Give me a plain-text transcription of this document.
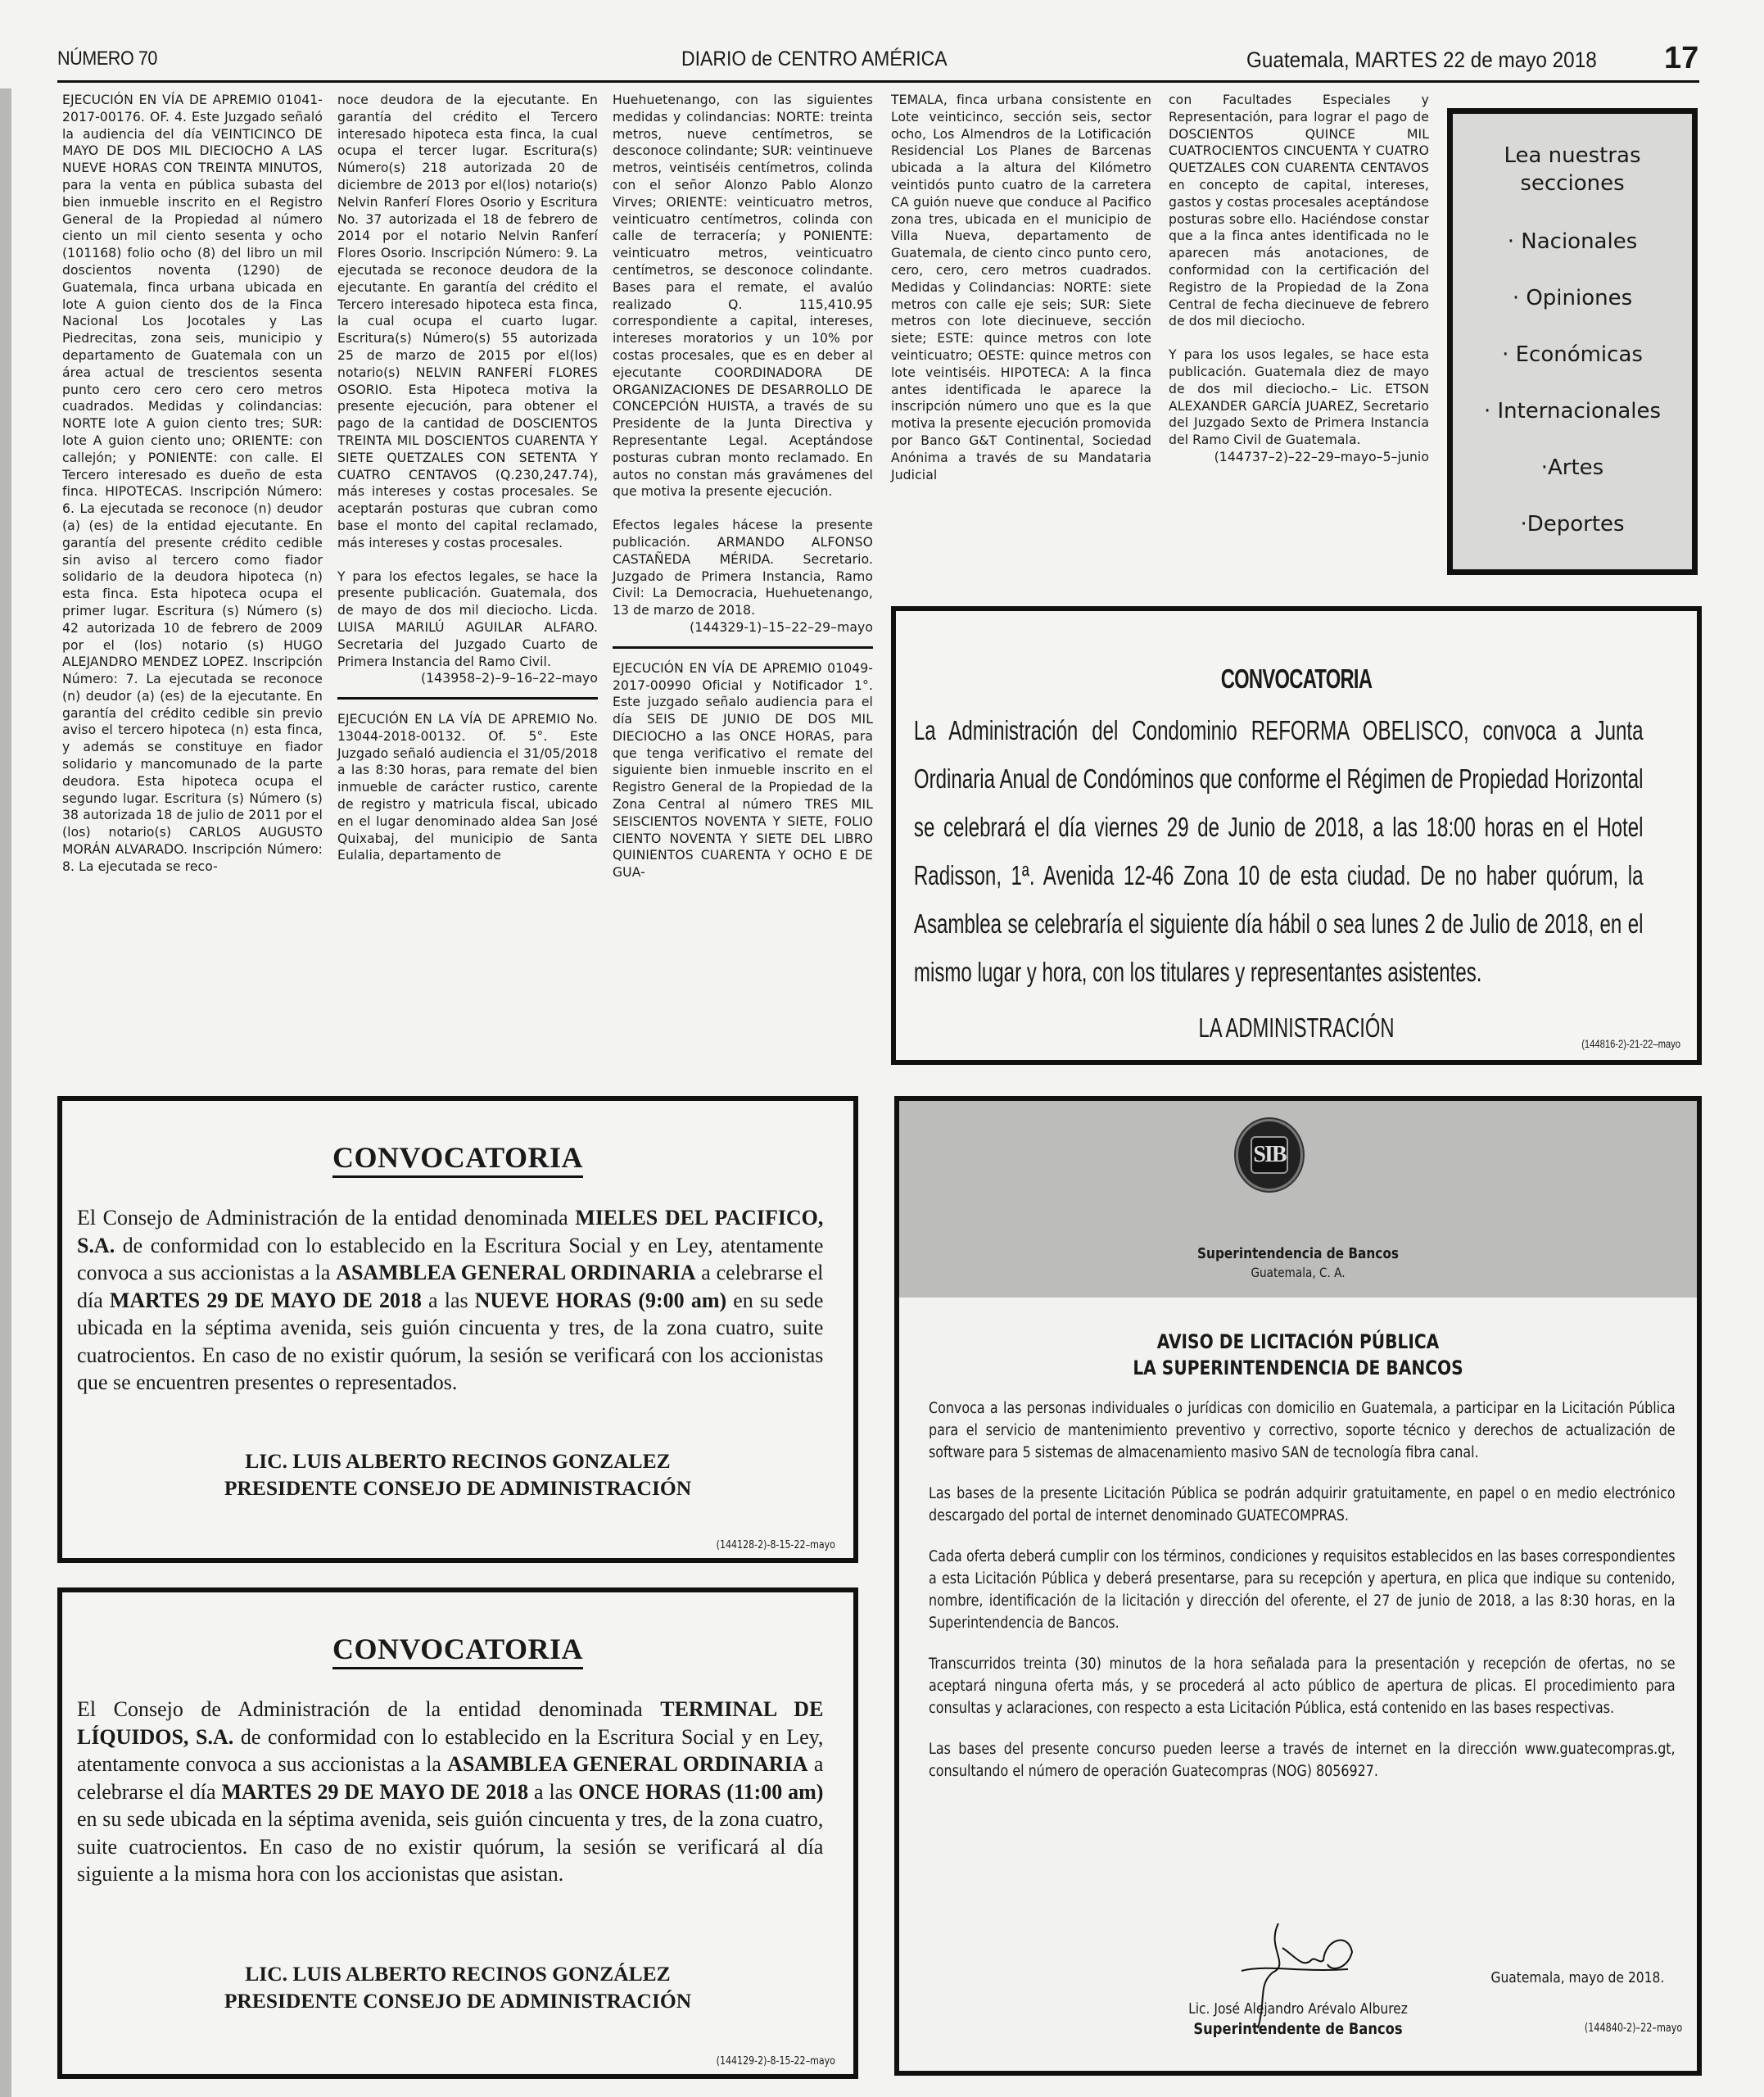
NÚMERO 70	DIARIO de CENTRO AMÉRICA	Guatemala, MARTES 22 de mayo 2018 17

EJECUCIÓN EN VÍA DE APREMIO 01041-2017-00176. OF. 4. Este Juzgado señaló la audiencia del día VEINTICINCO DE MAYO DE DOS MIL DIECIOCHO A LAS NUEVE HORAS CON TREINTA MINUTOS, para la venta en pública subasta del bien inmueble inscrito en el Registro General de la Propiedad al número ciento un mil ciento sesenta y ocho (101168) folio ocho (8) del libro un mil doscientos noventa (1290) de Guatemala, finca urbana ubicada en lote A guion ciento dos de la Finca Nacional Los Jocotales y Las Piedrecitas, zona seis, municipio y departamento de Guatemala con un área actual de trescientos sesenta punto cero cero cero cero metros cuadrados. Medidas y colindancias: NORTE lote A guion ciento tres; SUR: lote A guion ciento uno; ORIENTE: con callejón; y PONIENTE: con calle. El Tercero interesado es dueño de esta finca. HIPOTECAS. Inscripción Número: 6. La ejecutada se reconoce (n) deudor (a) (es) de la entidad ejecutante. En garantía del presente crédito cedible sin aviso al tercero como fiador solidario de la deudora hipoteca (n) esta finca. Esta hipoteca ocupa el primer lugar. Escritura (s) Número (s) 42 autorizada 10 de febrero de 2009 por el (los) notario (s) HUGO ALEJANDRO MENDEZ LOPEZ. Inscripción Número: 7. La ejecutada se reconoce (n) deudor (a) (es) de la ejecutante. En garantía del crédito cedible sin previo aviso el tercero hipoteca (n) esta finca, y además se constituye en fiador solidario y mancomunado de la parte deudora. Esta hipoteca ocupa el segundo lugar. Escritura (s) Número (s) 38 autorizada 18 de julio de 2011 por el (los) notario(s) CARLOS AUGUSTO MORÁN ALVARADO. Inscripción Número: 8. La ejecutada se reco-

noce deudora de la ejecutante. En garantía del crédito el Tercero interesado hipoteca esta finca, la cual ocupa el tercer lugar. Escritura(s) Número(s) 218 autorizada 20 de diciembre de 2013 por el(los) notario(s) Nelvin Ranferí Flores Osorio y Escritura No. 37 autorizada el 18 de febrero de 2014 por el notario Nelvin Ranferí Flores Osorio. Inscripción Número: 9. La ejecutada se reconoce deudora de la ejecutante. En garantía del crédito el Tercero interesado hipoteca esta finca, la cual ocupa el cuarto lugar. Escritura(s) Número(s) 55 autorizada 25 de marzo de 2015 por el(los) notario(s) NELVIN RANFERÍ FLORES OSORIO. Esta Hipoteca motiva la presente ejecución, para obtener el pago de la cantidad de DOSCIENTOS TREINTA MIL DOSCIENTOS CUARENTA Y SIETE QUETZALES CON SETENTA Y CUATRO CENTAVOS (Q.230,247.74), más intereses y costas procesales. Se aceptarán posturas que cubran como base el monto del capital reclamado, más intereses y costas procesales.

Y para los efectos legales, se hace la presente publicación. Guatemala, dos de mayo de dos mil dieciocho. Licda. LUISA MARILÚ AGUILAR ALFARO. Secretaria del Juzgado Cuarto de Primera Instancia del Ramo Civil.

(143958–2)–9–16–22–mayo

EJECUCIÓN EN LA VÍA DE APREMIO No. 13044-2018-00132. Of. 5°. Este Juzgado señaló audiencia el 31/05/2018 a las 8:30 horas, para remate del bien inmueble de carácter rustico, carente de registro y matricula fiscal, ubicado en el lugar denominado aldea San José Quixabaj, del municipio de Santa Eulalia, departamento de

Huehuetenango, con las siguientes medidas y colindancias: NORTE: treinta metros, nueve centímetros, se desconoce colindante; SUR: veintinueve metros, veintiséis centímetros, colinda con el señor Alonzo Pablo Alonzo Virves; ORIENTE: veinticuatro metros, veinticuatro centímetros, colinda con calle de terracería; y PONIENTE: veinticuatro metros, veinticuatro centímetros, se desconoce colindante. Bases para el remate, el avalúo realizado Q. 115,410.95 correspondiente a capital, intereses, intereses moratorios y un 10% por costas procesales, que es en deber al ejecutante COORDINADORA DE ORGANIZACIONES DE DESARROLLO DE CONCEPCIÓN HUISTA, a través de su Presidente de la Junta Directiva y Representante Legal. Aceptándose posturas cubran monto reclamado. En autos no constan más gravámenes del que motiva la presente ejecución.

Efectos legales hácese la presente publicación. ARMANDO ALFONSO CASTAÑEDA MÉRIDA. Secretario. Juzgado de Primera Instancia, Ramo Civil: La Democracia, Huehuetenango, 13 de marzo de 2018.

(144329-1)–15–22–29–mayo

EJECUCIÓN EN VÍA DE APREMIO 01049-2017-00990 Oficial y Notificador 1°. Este juzgado señalo audiencia para el día SEIS DE JUNIO DE DOS MIL DIECIOCHO a las ONCE HORAS, para que tenga verificativo el remate del siguiente bien inmueble inscrito en el Registro General de la Propiedad de la Zona Central al número TRES MIL SEISCIENTOS NOVENTA Y SIETE, FOLIO CIENTO NOVENTA Y SIETE DEL LIBRO QUINIENTOS CUARENTA Y OCHO E DE GUA-

TEMALA, finca urbana consistente en Lote veinticinco, sección seis, sector ocho, Los Almendros de la Lotificación Residencial Los Planes de Barcenas ubicada a la altura del Kilómetro veintidós punto cuatro de la carretera CA guión nueve que conduce al Pacifico zona tres, ubicada en el municipio de Villa Nueva, departamento de Guatemala, de ciento cinco punto cero, cero, cero, cero metros cuadrados. Medidas y Colindancias: NORTE: siete metros con calle eje seis; SUR: Siete metros con lote diecinueve, sección siete; ESTE: quince metros con lote veinticuatro; OESTE: quince metros con lote veintiséis. HIPOTECA: A la finca antes identificada le aparece la inscripción número uno que es la que motiva la presente ejecución promovida por Banco G&T Continental, Sociedad Anónima a través de su Mandataria Judicial

con Facultades Especiales y Representación, para lograr el pago de DOSCIENTOS QUINCE MIL CUATROCIENTOS CINCUENTA Y CUATRO QUETZALES CON CUARENTA CENTAVOS en concepto de capital, intereses, gastos y costas procesales aceptándose posturas sobre ello. Haciéndose constar que a la finca antes identificada no le aparecen más anotaciones, de conformidad con la certificación del Registro de la Propiedad de la Zona Central de fecha diecinueve de febrero de dos mil dieciocho.

Y para los usos legales, se hace esta publicación. Guatemala diez de mayo de dos mil dieciocho.– Lic. ETSON ALEXANDER GARCÍA JUAREZ, Secretario del Juzgado Sexto de Primera Instancia del Ramo Civil de Guatemala.

(144737–2)–22–29–mayo–5–junio
Lea nuestras secciones
· Nacionales
· Opiniones
· Económicas
· Internacionales
·Artes
·Deportes
CONVOCATORIA
La Administración del Condominio REFORMA OBELISCO, convoca a Junta Ordinaria Anual de Condóminos que conforme el Régimen de Propiedad Horizontal se celebrará el día viernes 29 de Junio de 2018, a las 18:00 horas en el Hotel Radisson, 1ª. Avenida 12-46 Zona 10 de esta ciudad. De no haber quórum, la Asamblea se celebraría el siguiente día hábil o sea lunes 2 de Julio de 2018, en el mismo lugar y hora, con los titulares y representantes asistentes.
LA ADMINISTRACIÓN
(144816-2)-21-22–mayo
CONVOCATORIA
El Consejo de Administración de la entidad denominada MIELES DEL PACIFICO, S.A. de conformidad con lo establecido en la Escritura Social y en Ley, atentamente convoca a sus accionistas a la ASAMBLEA GENERAL ORDINARIA a celebrarse el día MARTES 29 DE MAYO DE 2018 a las NUEVE HORAS (9:00 am) en su sede ubicada en la séptima avenida, seis guión cincuenta y tres, de la zona cuatro, suite cuatrocientos. En caso de no existir quórum, la sesión se verificará con los accionistas que se encuentren presentes o representados.
LIC. LUIS ALBERTO RECINOS GONZALEZ
PRESIDENTE CONSEJO DE ADMINISTRACIÓN
(144128-2)-8-15-22–mayo
CONVOCATORIA
El Consejo de Administración de la entidad denominada TERMINAL DE LÍQUIDOS, S.A. de conformidad con lo establecido en la Escritura Social y en Ley, atentamente convoca a sus accionistas a la ASAMBLEA GENERAL ORDINARIA a celebrarse el día MARTES 29 DE MAYO DE 2018 a las ONCE HORAS (11:00 am) en su sede ubicada en la séptima avenida, seis guión cincuenta y tres, de la zona cuatro, suite cuatrocientos. En caso de no existir quórum, la sesión se verificará al día siguiente a la misma hora con los accionistas que asistan.
LIC. LUIS ALBERTO RECINOS GONZÁLEZ
PRESIDENTE CONSEJO DE ADMINISTRACIÓN
(144129-2)-8-15-22–mayo
SIB
Superintendencia de Bancos
Guatemala, C. A.
AVISO DE LICITACIÓN PÚBLICA
LA SUPERINTENDENCIA DE BANCOS

Convoca a las personas individuales o jurídicas con domicilio en Guatemala, a participar en la Licitación Pública para el servicio de mantenimiento preventivo y correctivo, soporte técnico y derechos de actualización de software para 5 sistemas de almacenamiento masivo SAN de tecnología fibra canal.

Las bases de la presente Licitación Pública se podrán adquirir gratuitamente, en papel o en medio electrónico descargado del portal de internet denominado GUATECOMPRAS.

Cada oferta deberá cumplir con los términos, condiciones y requisitos establecidos en las bases correspondientes a esta Licitación Pública y deberá presentarse, para su recepción y apertura, en plica que indique su contenido, nombre, identificación de la licitación y dirección del oferente, el 27 de junio de 2018, a las 8:30 horas, en la Superintendencia de Bancos.

Transcurridos treinta (30) minutos de la hora señalada para la presentación y recepción de ofertas, no se aceptará ninguna oferta más, y se procederá al acto público de apertura de plicas. El procedimiento para consultas y aclaraciones, con respecto a esta Licitación Pública, está contenido en las bases respectivas.

Las bases del presente concurso pueden leerse a través de internet en la dirección www.guatecompras.gt, consultando el número de operación Guatecompras (NOG) 8056927.

Guatemala, mayo de 2018.
Lic. José Alejandro Arévalo Alburez
Superintendente de Bancos	(144840-2)–22–mayo
